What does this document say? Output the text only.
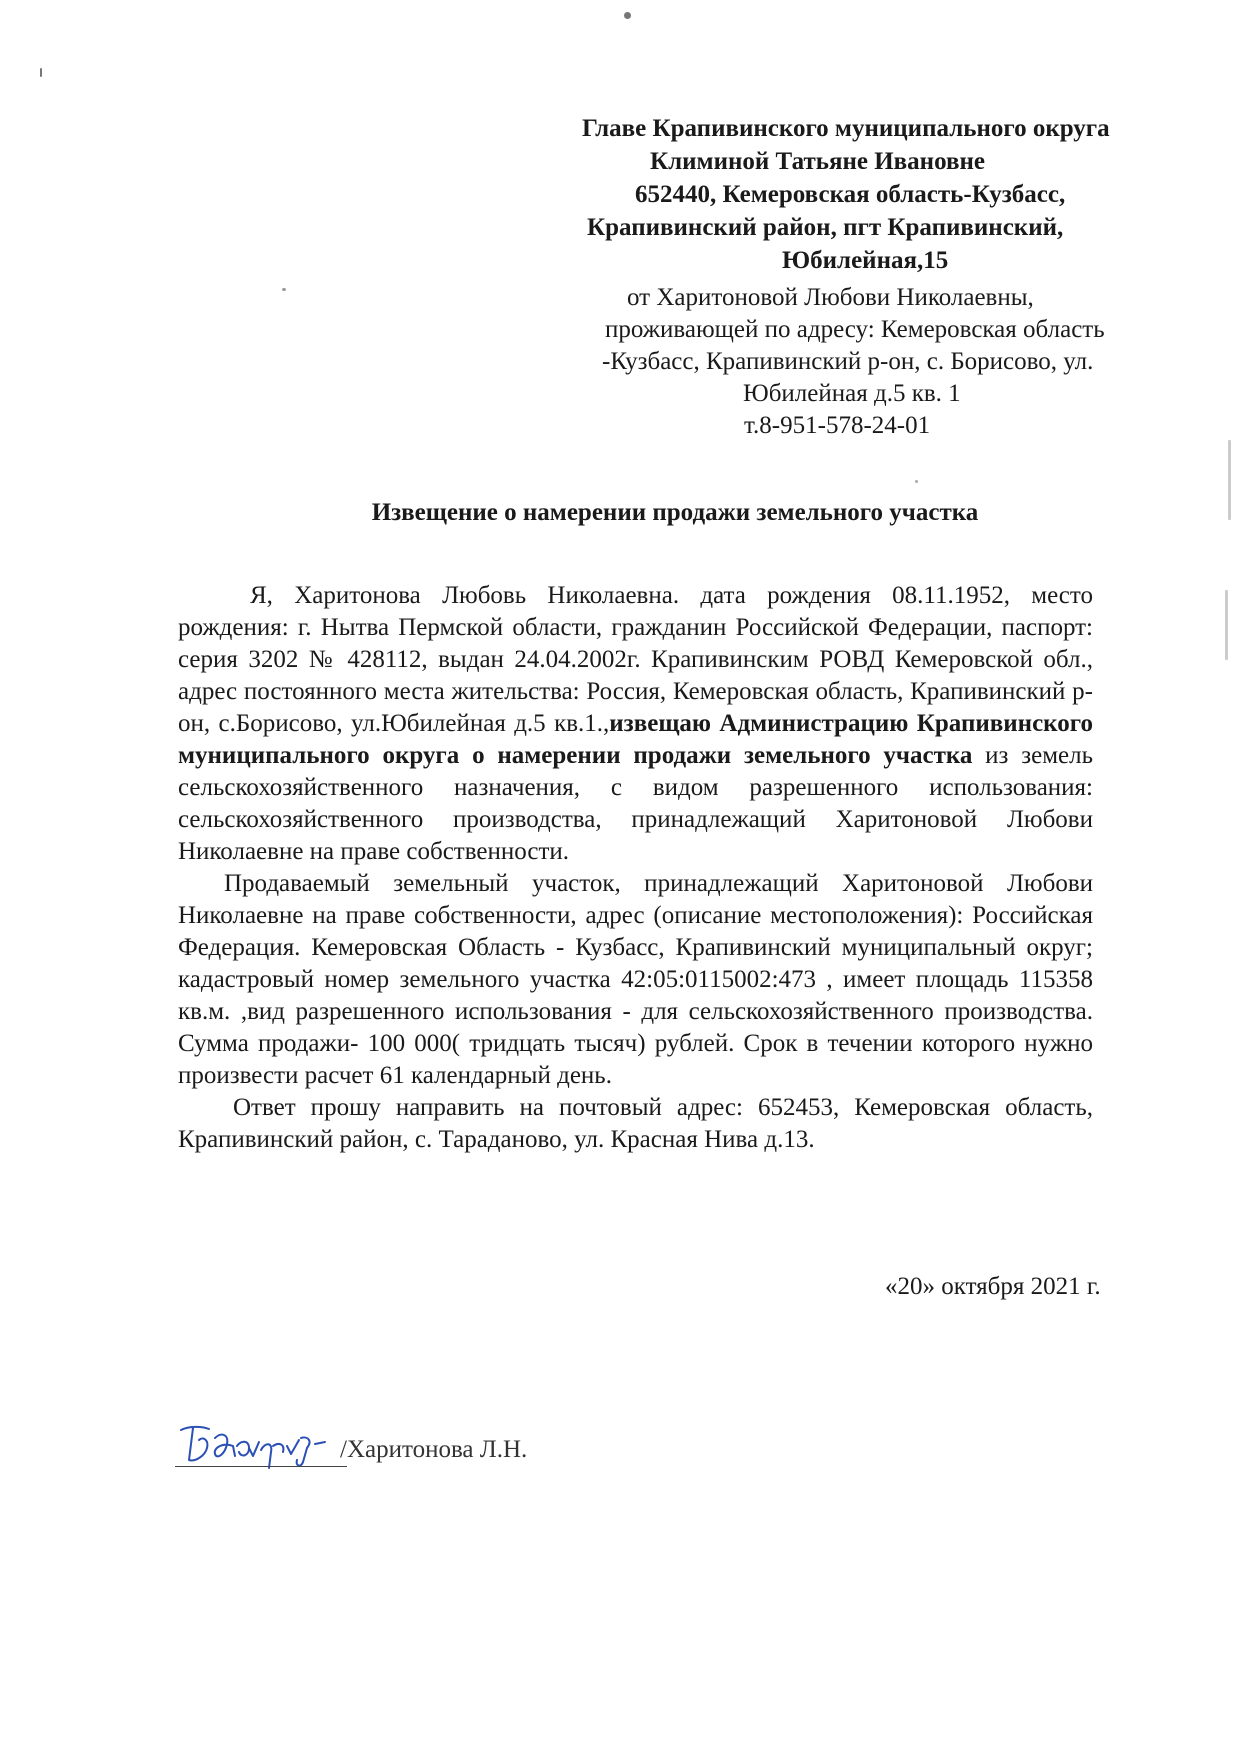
Главе Крапивинского муниципального округа
Климиной Татьяне Ивановне
652440, Кемеровская область-Кузбасс,
Крапивинский район, пгт Крапивинский,
Юбилейная,15
от Харитоновой Любови Николаевны,
проживающей по адресу: Кемеровская область
-Кузбасс, Крапивинский р-он, с. Борисово, ул.
Юбилейная д.5 кв. 1
т.8-951-578-24-01
Извещение о намерении продажи земельного участка

Я, Харитонова Любовь Николаевна. дата рождения 08.11.1952, место рождения: г. Нытва Пермской области, гражданин Российской Федерации, паспорт: серия 3202 № 428112, выдан 24.04.2002г. Крапивинским РОВД Кемеровской обл., адрес постоянного места жительства: Россия, Кемеровская область, Крапивинский р-он, с.Борисово, ул.Юбилейная д.5 кв.1.,извещаю Администрацию Крапивинского муниципального округа о намерении продажи земельного участка из земель сельскохозяйственного назначения, с видом разрешенного использования: сельскохозяйственного производства, принадлежащий Харитоновой Любови Николаевне на праве собственности.

Продаваемый земельный участок, принадлежащий Харитоновой Любови Николаевне на праве собственности, адрес (описание местоположения): Российская Федерация. Кемеровская Область - Кузбасс, Крапивинский муниципальный округ; кадастровый номер земельного участка 42:05:0115002:473 , имеет площадь 115358 кв.м. ,вид разрешенного использования - для сельскохозяйственного производства. Сумма продажи- 100 000( тридцать тысяч) рублей. Срок в течении которого нужно произвести расчет 61 календарный день.

Ответ прошу направить на почтовый адрес: 652453, Кемеровская область, Крапивинский район, с. Тараданово, ул. Красная Нива д.13.

«20» октября 2021 г.
/Харитонова Л.Н.
